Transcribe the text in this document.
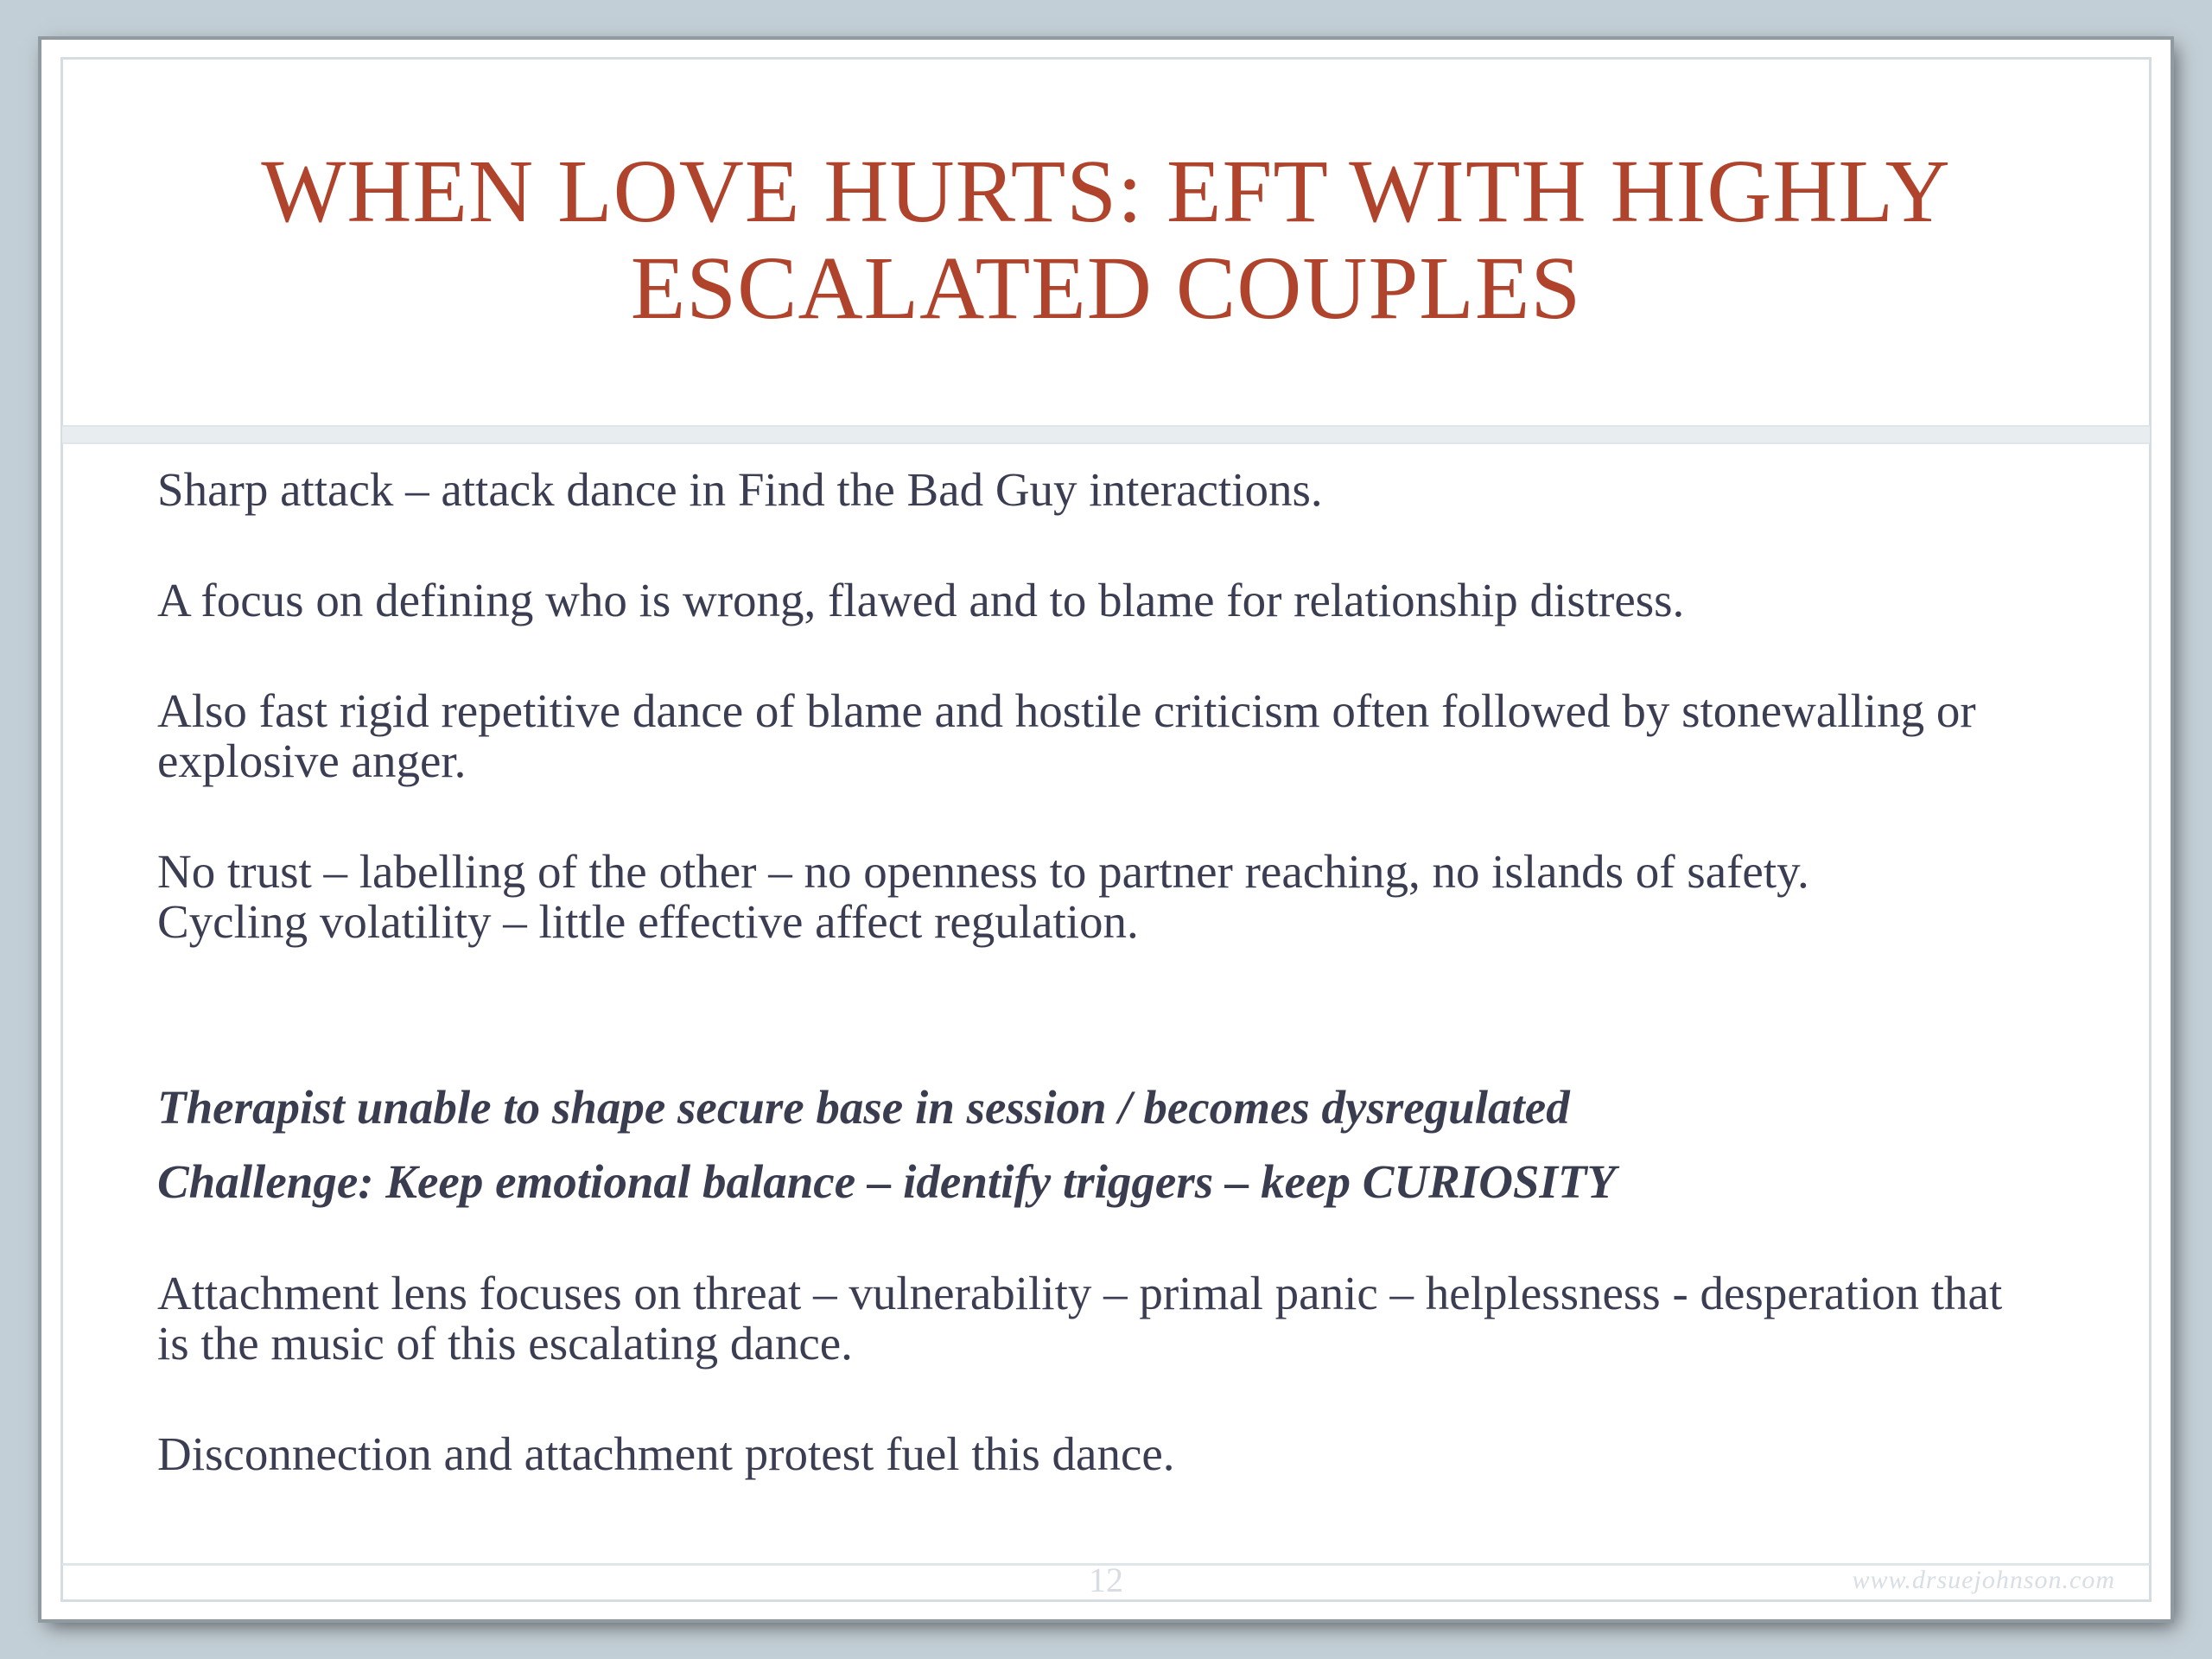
WHEN LOVE HURTS: EFT WITH HIGHLY
ESCALATED COUPLES

Sharp attack – attack dance in Find the Bad Guy interactions.

A focus on defining who is wrong, flawed and to blame for relationship distress.

Also fast rigid repetitive dance of blame and hostile criticism often followed by stonewalling or explosive anger.

No trust – labelling of the other – no openness to partner reaching, no islands of safety.

Cycling volatility – little effective affect regulation.

Therapist unable to shape secure base in session / becomes dysregulated

Challenge: Keep emotional balance – identify triggers – keep CURIOSITY

Attachment lens focuses on threat – vulnerability – primal panic – helplessness - desperation that is the music of this escalating dance.

Disconnection and attachment protest fuel this dance.

12	www.drsuejohnson.com
